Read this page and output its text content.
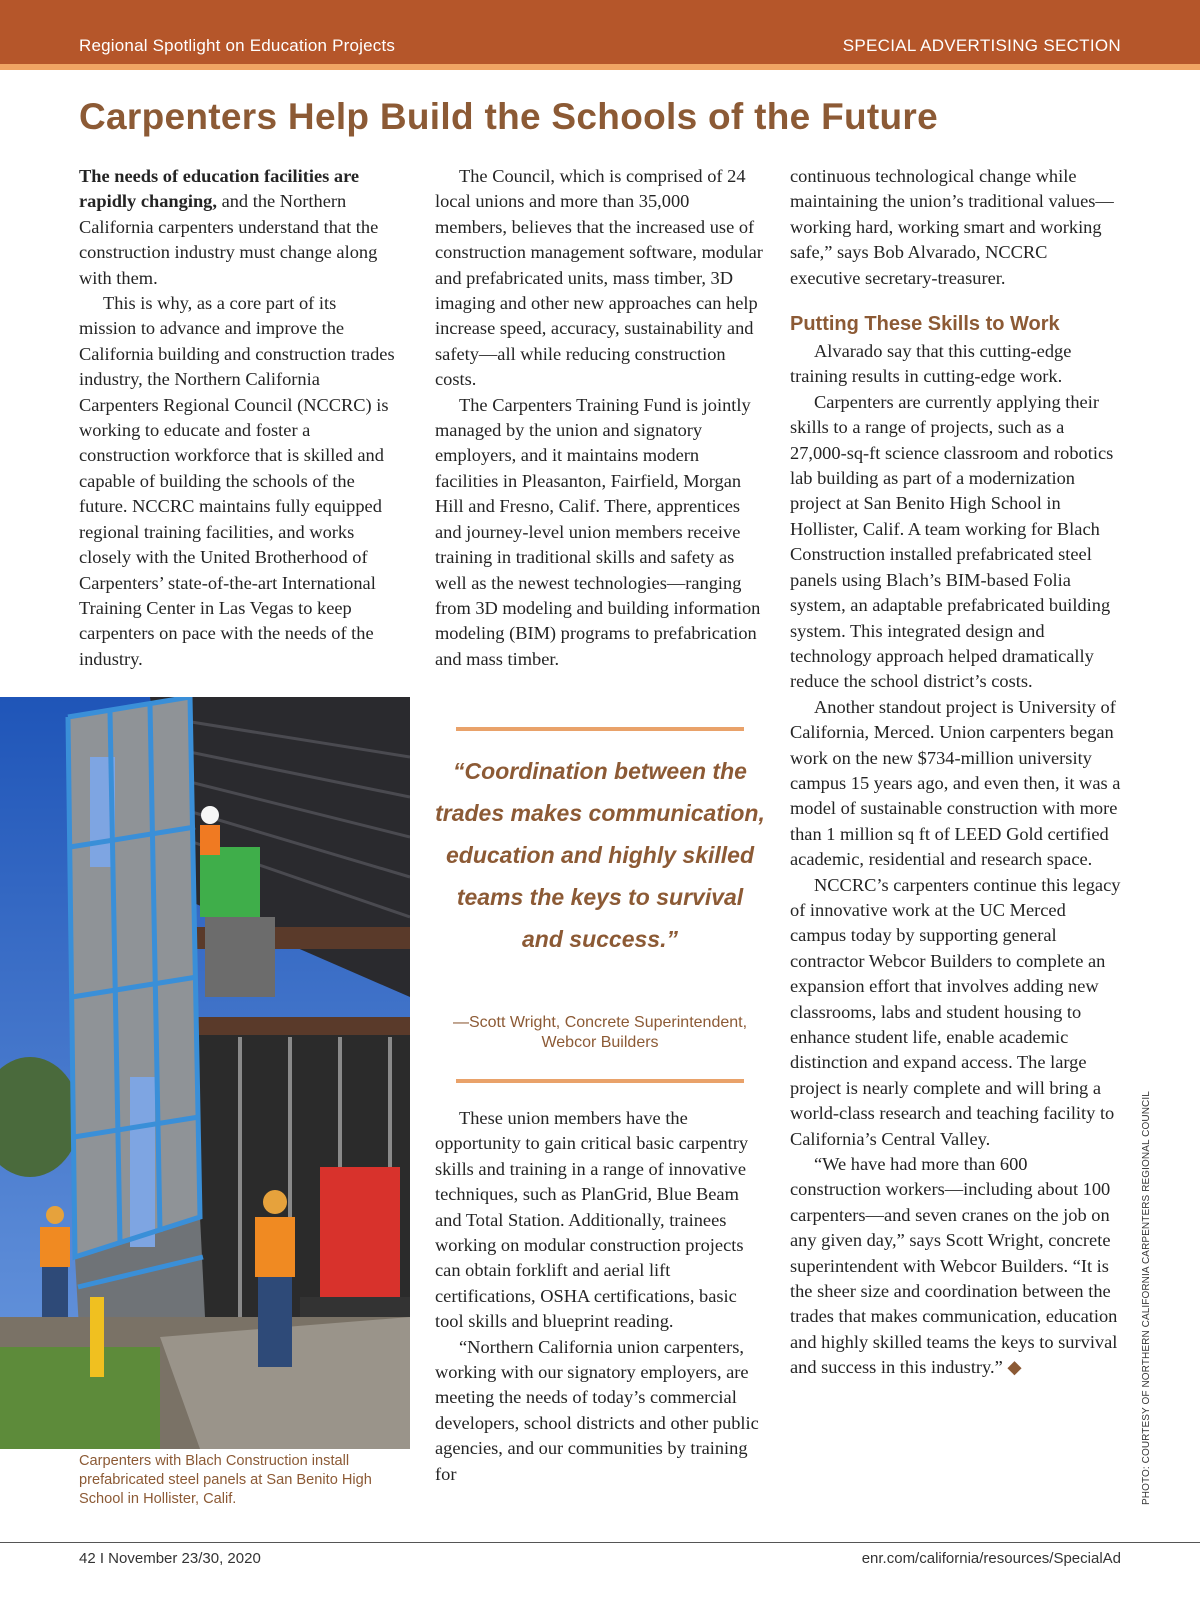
Regional Spotlight on Education Projects	SPECIAL ADVERTISING SECTION
Carpenters Help Build the Schools of the Future

The needs of education facilities are rapidly changing, and the Northern California carpenters understand that the construction industry must change along with them.

This is why, as a core part of its mission to advance and improve the California building and construction trades industry, the Northern California Carpenters Regional Council (NCCRC) is working to educate and foster a construction workforce that is skilled and capable of building the schools of the future. NCCRC maintains fully equipped regional training facilities, and works closely with the United Brotherhood of Carpenters’ state-of-the-art International Training Center in Las Vegas to keep carpenters on pace with the needs of the industry.

Carpenters with Blach Construction install prefabricated steel panels at San Benito High School in Hollister, Calif.

The Council, which is comprised of 24 local unions and more than 35,000 members, believes that the increased use of construction management software, modular and prefabricated units, mass timber, 3D imaging and other new approaches can help increase speed, accuracy, sustainability and safety—all while reducing construction costs.

The Carpenters Training Fund is jointly managed by the union and signatory employers, and it maintains modern facilities in Pleasanton, Fairfield, Morgan Hill and Fresno, Calif. There, apprentices and journey-level union members receive training in traditional skills and safety as well as the newest technologies—ranging from 3D modeling and building information modeling (BIM) programs to prefabrication and mass timber.

“Coordination between the trades makes communication, education and highly skilled teams the keys to survival and success.”
—Scott Wright, Concrete Superintendent, Webcor Builders

These union members have the opportunity to gain critical basic carpentry skills and training in a range of innovative techniques, such as PlanGrid, Blue Beam and Total Station. Additionally, trainees working on modular construction projects can obtain forklift and aerial lift certifications, OSHA certifications, basic tool skills and blueprint reading.

“Northern California union carpenters, working with our signatory employers, are meeting the needs of today’s commercial developers, school districts and other public agencies, and our communities by training for

continuous technological change while maintaining the union’s traditional values—working hard, working smart and working safe,” says Bob Alvarado, NCCRC executive secretary-treasurer.

Putting These Skills to Work

Alvarado say that this cutting-edge training results in cutting-edge work.

Carpenters are currently applying their skills to a range of projects, such as a 27,000-sq-ft science classroom and robotics lab building as part of a modernization project at San Benito High School in Hollister, Calif. A team working for Blach Construction installed prefabricated steel panels using Blach’s BIM-based Folia system, an adaptable prefabricated building system. This integrated design and technology approach helped dramatically reduce the school district’s costs.

Another standout project is University of California, Merced. Union carpenters began work on the new $734-million university campus 15 years ago, and even then, it was a model of sustainable construction with more than 1 million sq ft of LEED Gold certified academic, residential and research space.

NCCRC’s carpenters continue this legacy of innovative work at the UC Merced campus today by supporting general contractor Webcor Builders to complete an expansion effort that involves adding new classrooms, labs and student housing to enhance student life, enable academic distinction and expand access. The large project is nearly complete and will bring a world-class research and teaching facility to California’s Central Valley.

“We have had more than 600 construction workers—including about 100 carpenters—and seven cranes on the job on any given day,” says Scott Wright, concrete superintendent with Webcor Builders. “It is the sheer size and coordination between the trades that makes communication, education and highly skilled teams the keys to survival and success in this industry.” ◆	PHOTO: COURTESY OF NORTHERN CALIFORNIA CARPENTERS REGIONAL COUNCIL
42 I November 23/30, 2020	enr.com/california/resources/SpecialAd
